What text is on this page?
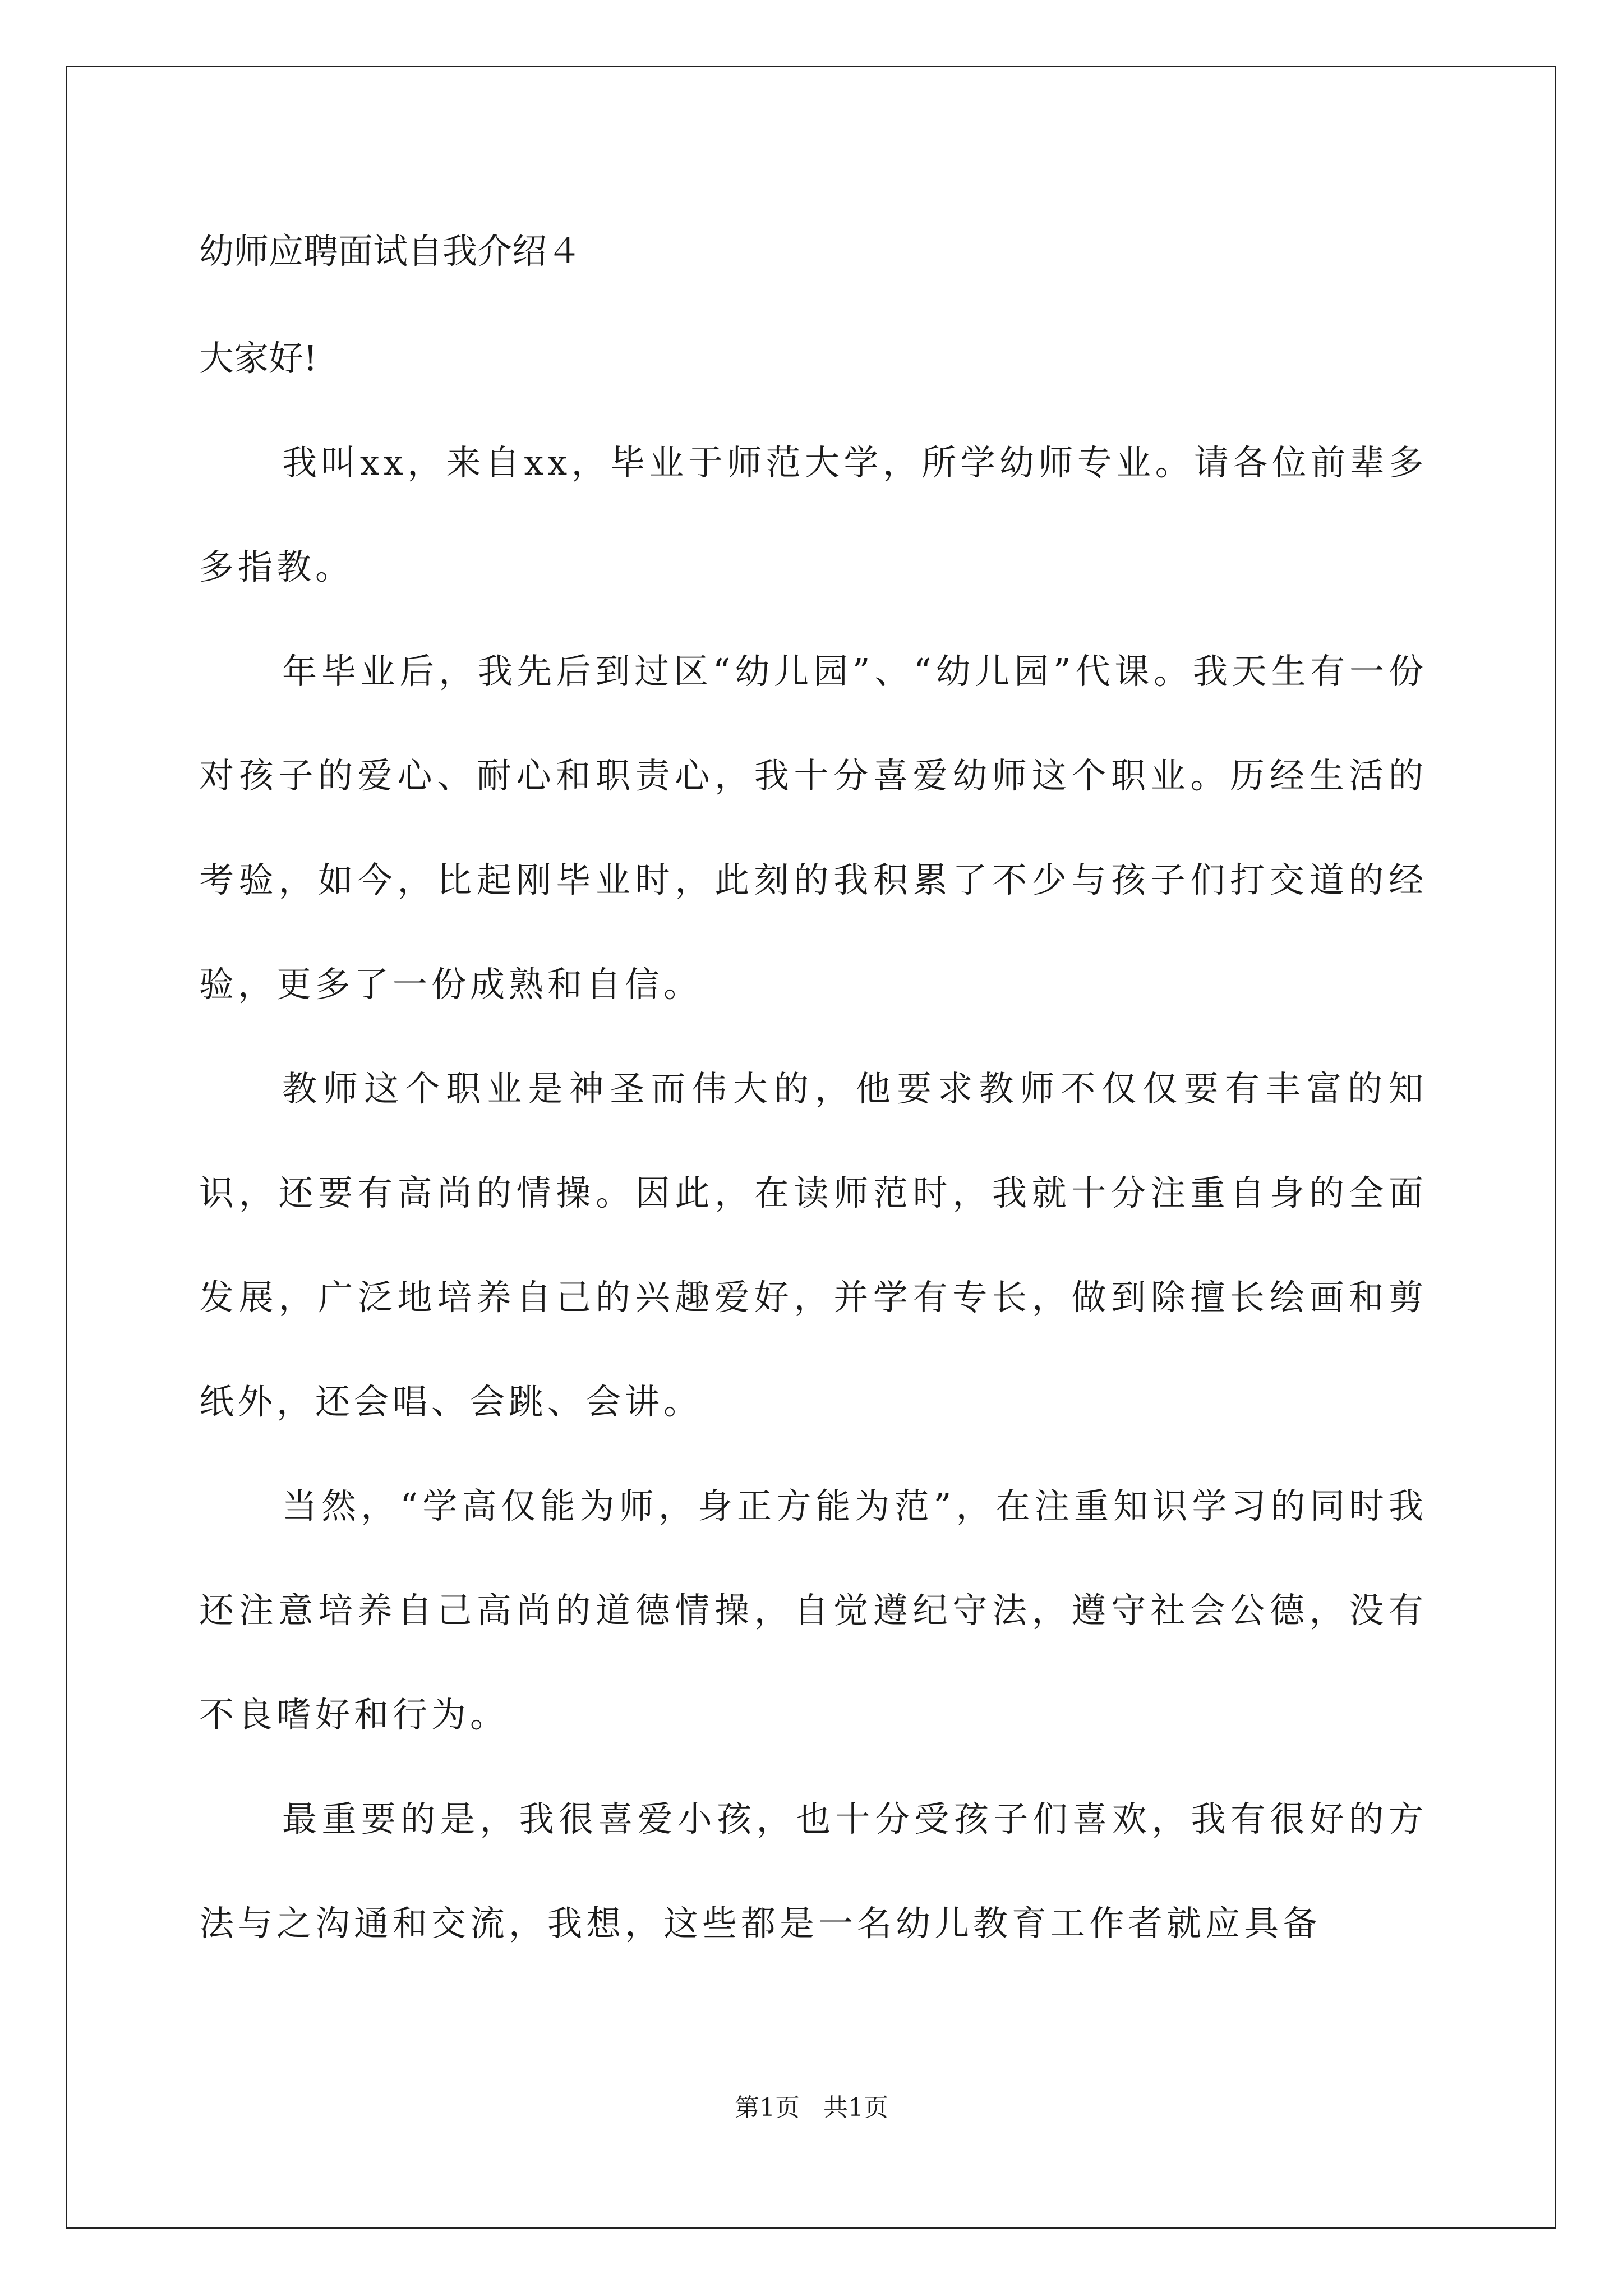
幼师应聘面试自我介绍４

大家好!

我叫xx，来自xx，毕业于师范大学，所学幼师专业。请各位前辈多多指教。

年毕业后，我先后到过区“幼儿园”、“幼儿园”代课。我天生有一份对孩子的爱心、耐心和职责心，我十分喜爱幼师这个职业。历经生活的考验，如今，比起刚毕业时，此刻的我积累了不少与孩子们打交道的经验，更多了一份成熟和自信。

教师这个职业是神圣而伟大的，他要求教师不仅仅要有丰富的知识，还要有高尚的情操。因此，在读师范时，我就十分注重自身的全面发展，广泛地培养自己的兴趣爱好，并学有专长，做到除擅长绘画和剪纸外，还会唱、会跳、会讲。

当然，“学高仅能为师，身正方能为范”，在注重知识学习的同时我还注意培养自己高尚的道德情操，自觉遵纪守法，遵守社会公德，没有不良嗜好和行为。

最重要的是，我很喜爱小孩，也十分受孩子们喜欢，我有很好的方法与之沟通和交流，我想，这些都是一名幼儿教育工作者就应具备

第1页   共1页
